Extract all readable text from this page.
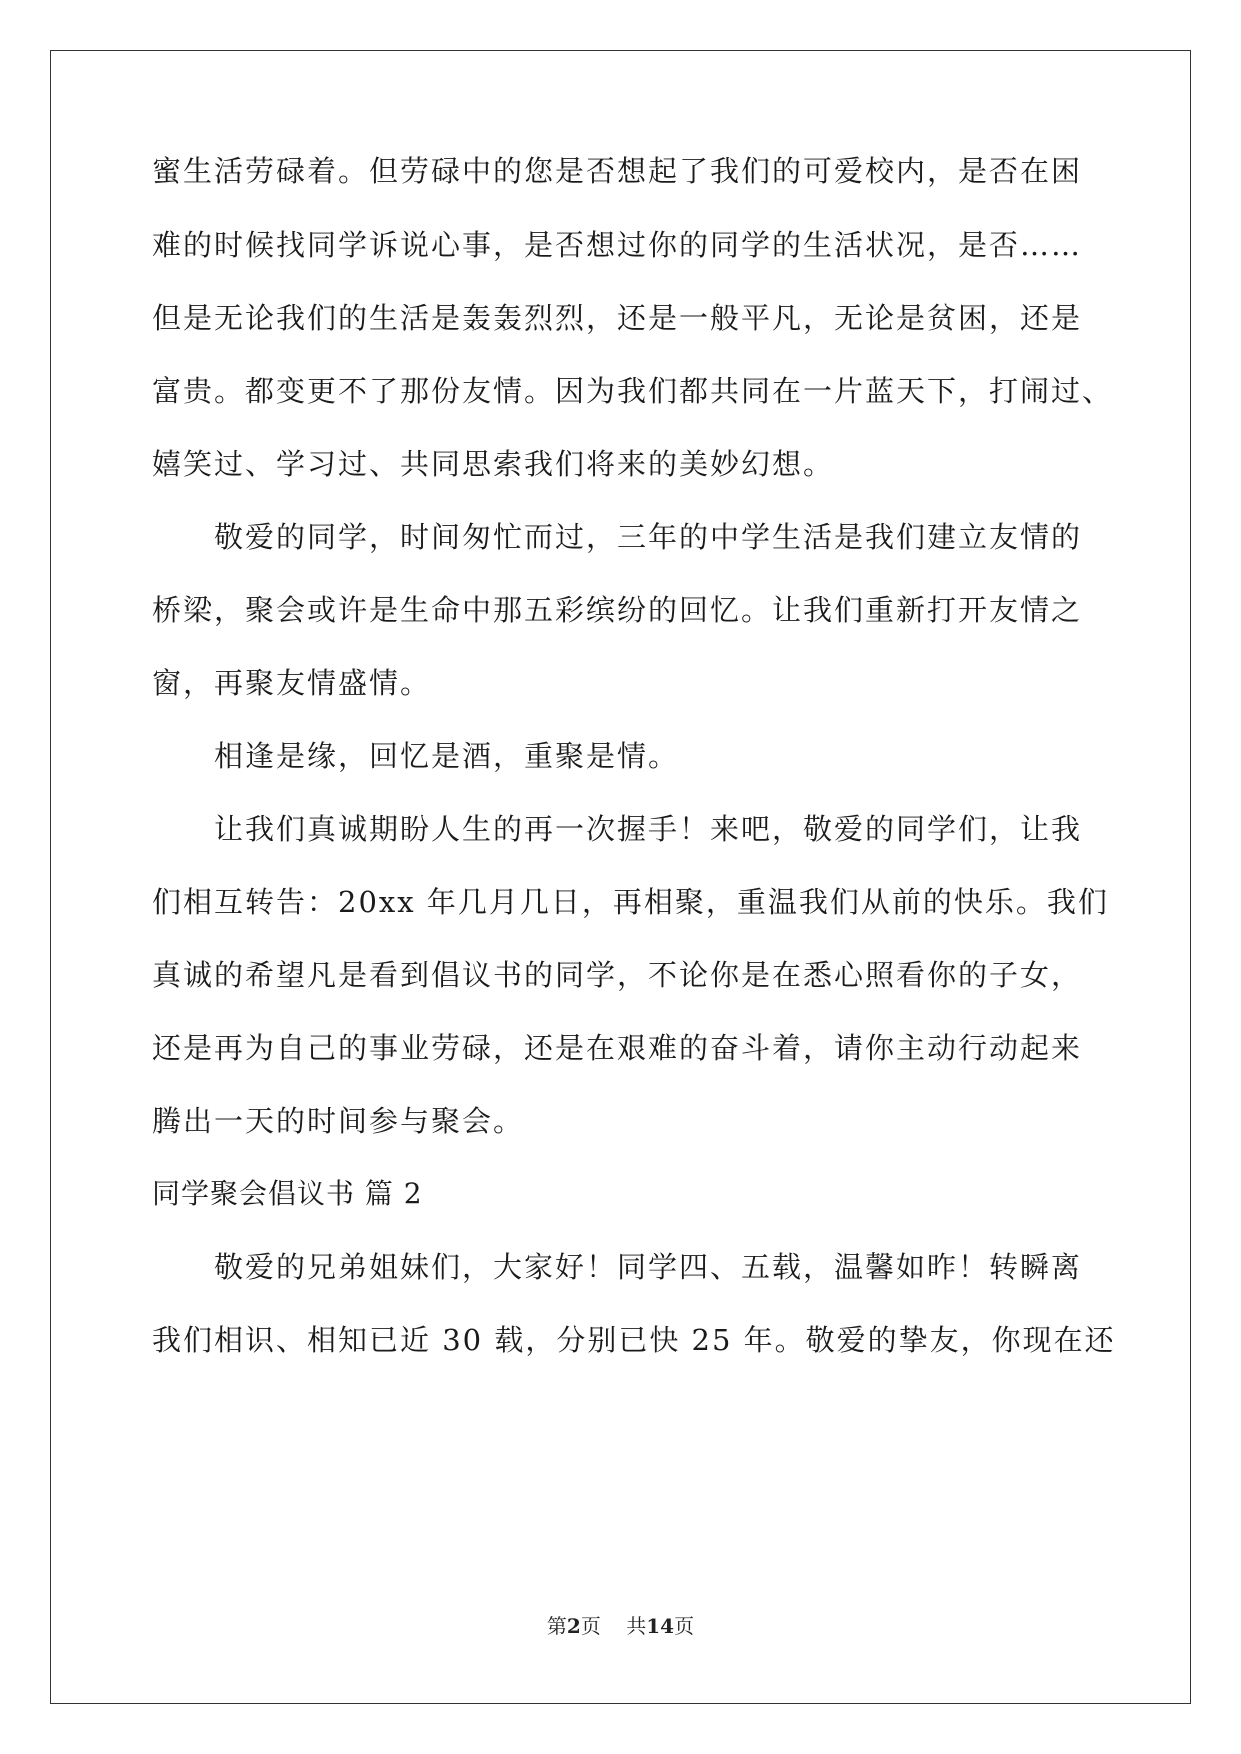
蜜生活劳碌着。但劳碌中的您是否想起了我们的可爱校内，是否在困
难的时候找同学诉说心事，是否想过你的同学的生活状况，是否……
但是无论我们的生活是轰轰烈烈，还是一般平凡，无论是贫困，还是
富贵。都变更不了那份友情。因为我们都共同在一片蓝天下，打闹过、
嬉笑过、学习过、共同思索我们将来的美妙幻想。
敬爱的同学，时间匆忙而过，三年的中学生活是我们建立友情的
桥梁，聚会或许是生命中那五彩缤纷的回忆。让我们重新打开友情之
窗，再聚友情盛情。
相逢是缘，回忆是酒，重聚是情。
让我们真诚期盼人生的再一次握手！来吧，敬爱的同学们，让我
们相互转告：20xx 年几月几日，再相聚，重温我们从前的快乐。我们
真诚的希望凡是看到倡议书的同学，不论你是在悉心照看你的子女，
还是再为自己的事业劳碌，还是在艰难的奋斗着，请你主动行动起来
腾出一天的时间参与聚会。
同学聚会倡议书 篇 2
敬爱的兄弟姐妹们，大家好！同学四、五载，温馨如昨！转瞬离
我们相识、相知已近 30 载，分别已快 25 年。敬爱的挚友，你现在还
第2页 共14页
